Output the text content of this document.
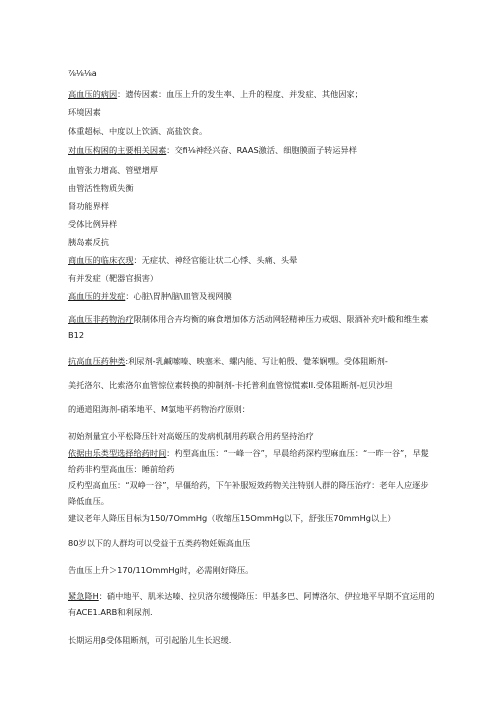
⅞⅛⅛a
高血压的病因：遗传因素：血压上升的发生率、上升的程度、并发症、其他因家；
环境因素
体重超标、中度以上饮酒、高盐饮食。
对血压构困的主要相关因素：交fi⅛神经兴奋、RAAS激活、细胞膜面子转运异样
血管张力增高、管壁增厚
由管活性物质失衡
肾功能界样
受体比例异样
胰岛素反抗
商血压的临床衣现：无症状、神经官能让状二心悸、头痛、头晕
有并发症（靶器官损害）
高血压的并发症：心脏\胃肿\脑\皿管及视网膜
高血压非药物治疗限制体用合卉均衡的麻食增加体方活动网轻精神压力戒烟、限酒补充叶酸和维生素B12
抗高血压药种类:利尿剂-乳鹹嗦嗪、映塞米、螺内能、写让帕殷、覺苯娴嘿。受体阻断剂-
美托洛尔、比索洛尔血管惊位素转换的抑制剂-卡托普利血管惊慌素II.受体阻断剂-厄贝沙坦
的通道阻海剂-硝苯地平、M氯地平药物治疗原则：
初始剂量宜小平松降压针对高姬压的发病机制用药联合用药坚持治疗
依据由乐类型选择给药时间：杓型高血压：“一峰一谷”，早晨给药深杓型麻血压：“一昨一谷”，早髲给药非杓型高血压：睡前给药
反杓型高血压：“双峥一谷”，早僵给药，下午补服短效药物关注特别人群的降压治疗：老年人应逐步降低血压。
建议老年人降压目标为150/7OmmHg（收缩压15OmmHg以下，舒张压70mmHg以上）
80岁以下的人群均可以受益于五类药物妊娠高血压
告血压上升＞170/11OmmHg时，必需刚好降压。
紧急降H：硝中地平、肌米达嗪、拉贝洛尔缓慢降压：甲基多巴、阿博洛尔、伊拉地平早期不宜运用的有ACE1.ARB和利尿剂.
长期运用β受体阻断剂，可引起胎儿生长迟缓.
